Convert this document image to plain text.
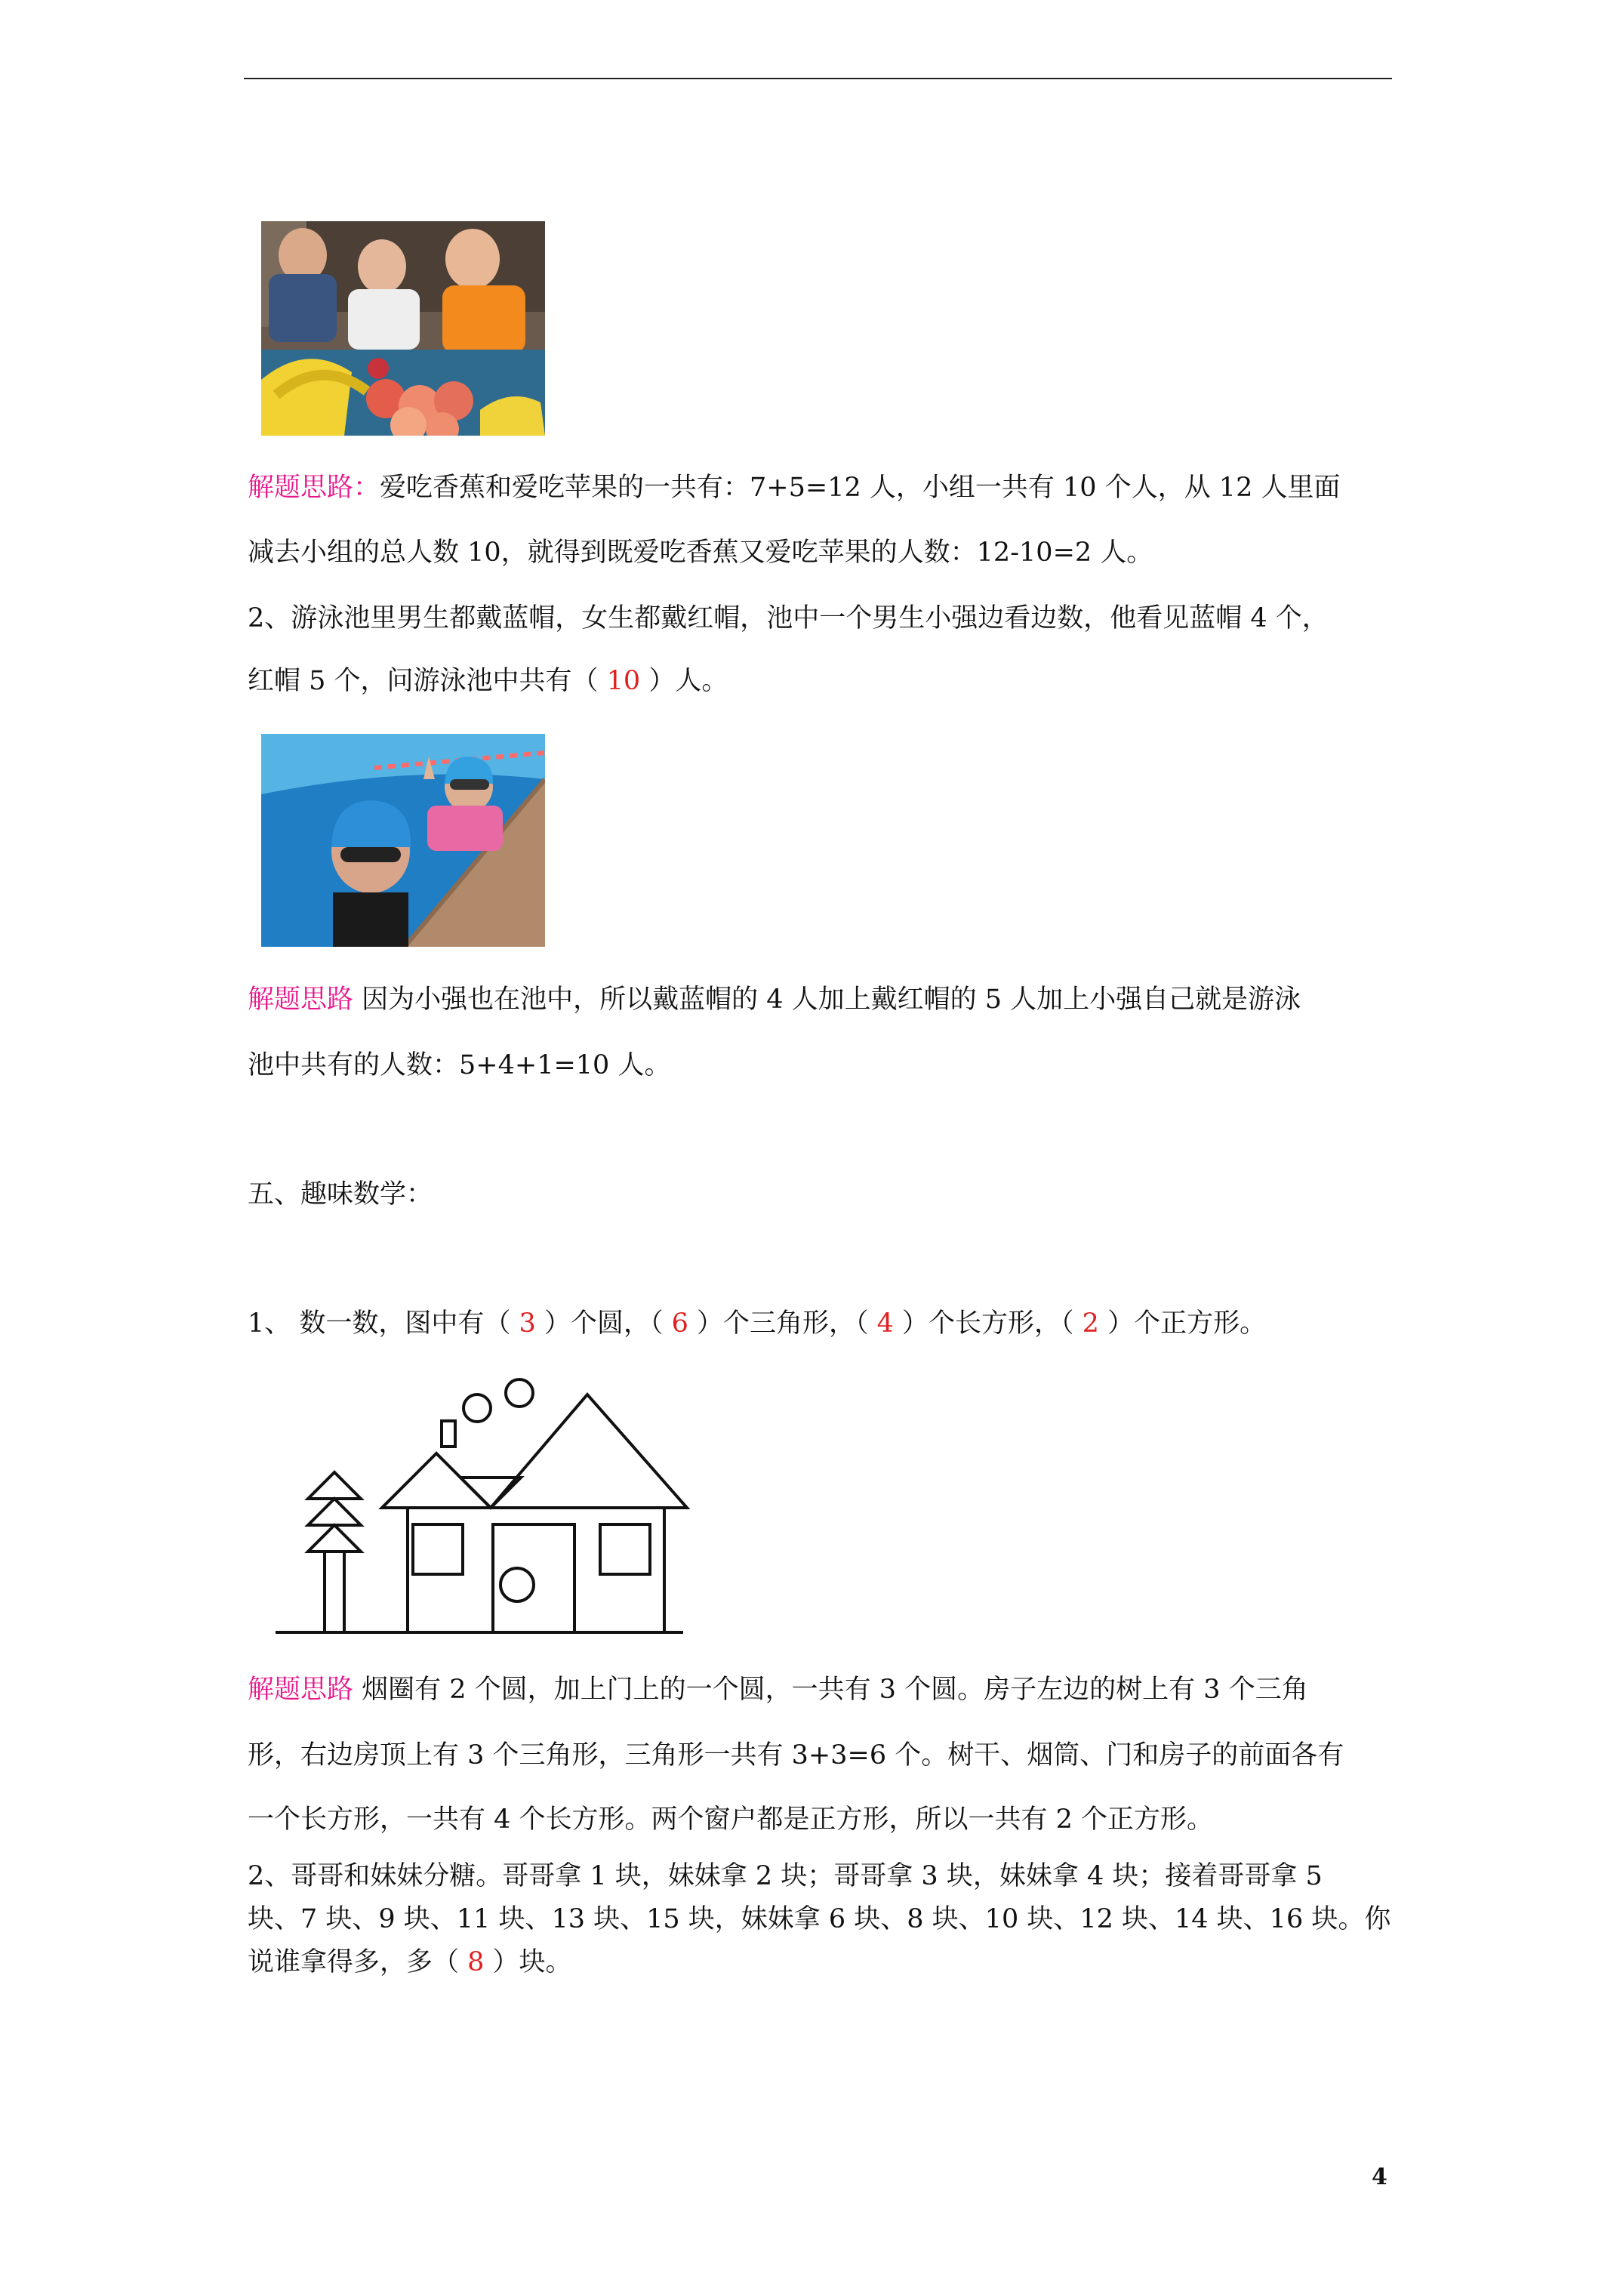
解题思路：爱吃香蕉和爱吃苹果的一共有：7+5=12 人，小组一共有 10 个人，从 12 人里面
减去小组的总人数 10，就得到既爱吃香蕉又爱吃苹果的人数：12-10=2 人。
2、游泳池里男生都戴蓝帽，女生都戴红帽，池中一个男生小强边看边数，他看见蓝帽 4 个，
红帽 5 个，问游泳池中共有（ 10 ）人。
解题思路 因为小强也在池中，所以戴蓝帽的 4 人加上戴红帽的 5 人加上小强自己就是游泳
池中共有的人数：5+4+1=10 人。
五、趣味数学：
1、 数一数，图中有（ 3 ）个圆，（ 6 ）个三角形，（ 4 ）个长方形，（ 2 ）个正方形。
解题思路 烟圈有 2 个圆，加上门上的一个圆，一共有 3 个圆。房子左边的树上有 3 个三角
形，右边房顶上有 3 个三角形，三角形一共有 3+3=6 个。树干、烟筒、门和房子的前面各有
一个长方形，一共有 4 个长方形。两个窗户都是正方形，所以一共有 2 个正方形。
2、哥哥和妹妹分糖。哥哥拿 1 块，妹妹拿 2 块；哥哥拿 3 块，妹妹拿 4 块；接着哥哥拿 5
块、7 块、9 块、11 块、13 块、15 块，妹妹拿 6 块、8 块、10 块、12 块、14 块、16 块。你
说谁拿得多，多（ 8 ）块。
4
